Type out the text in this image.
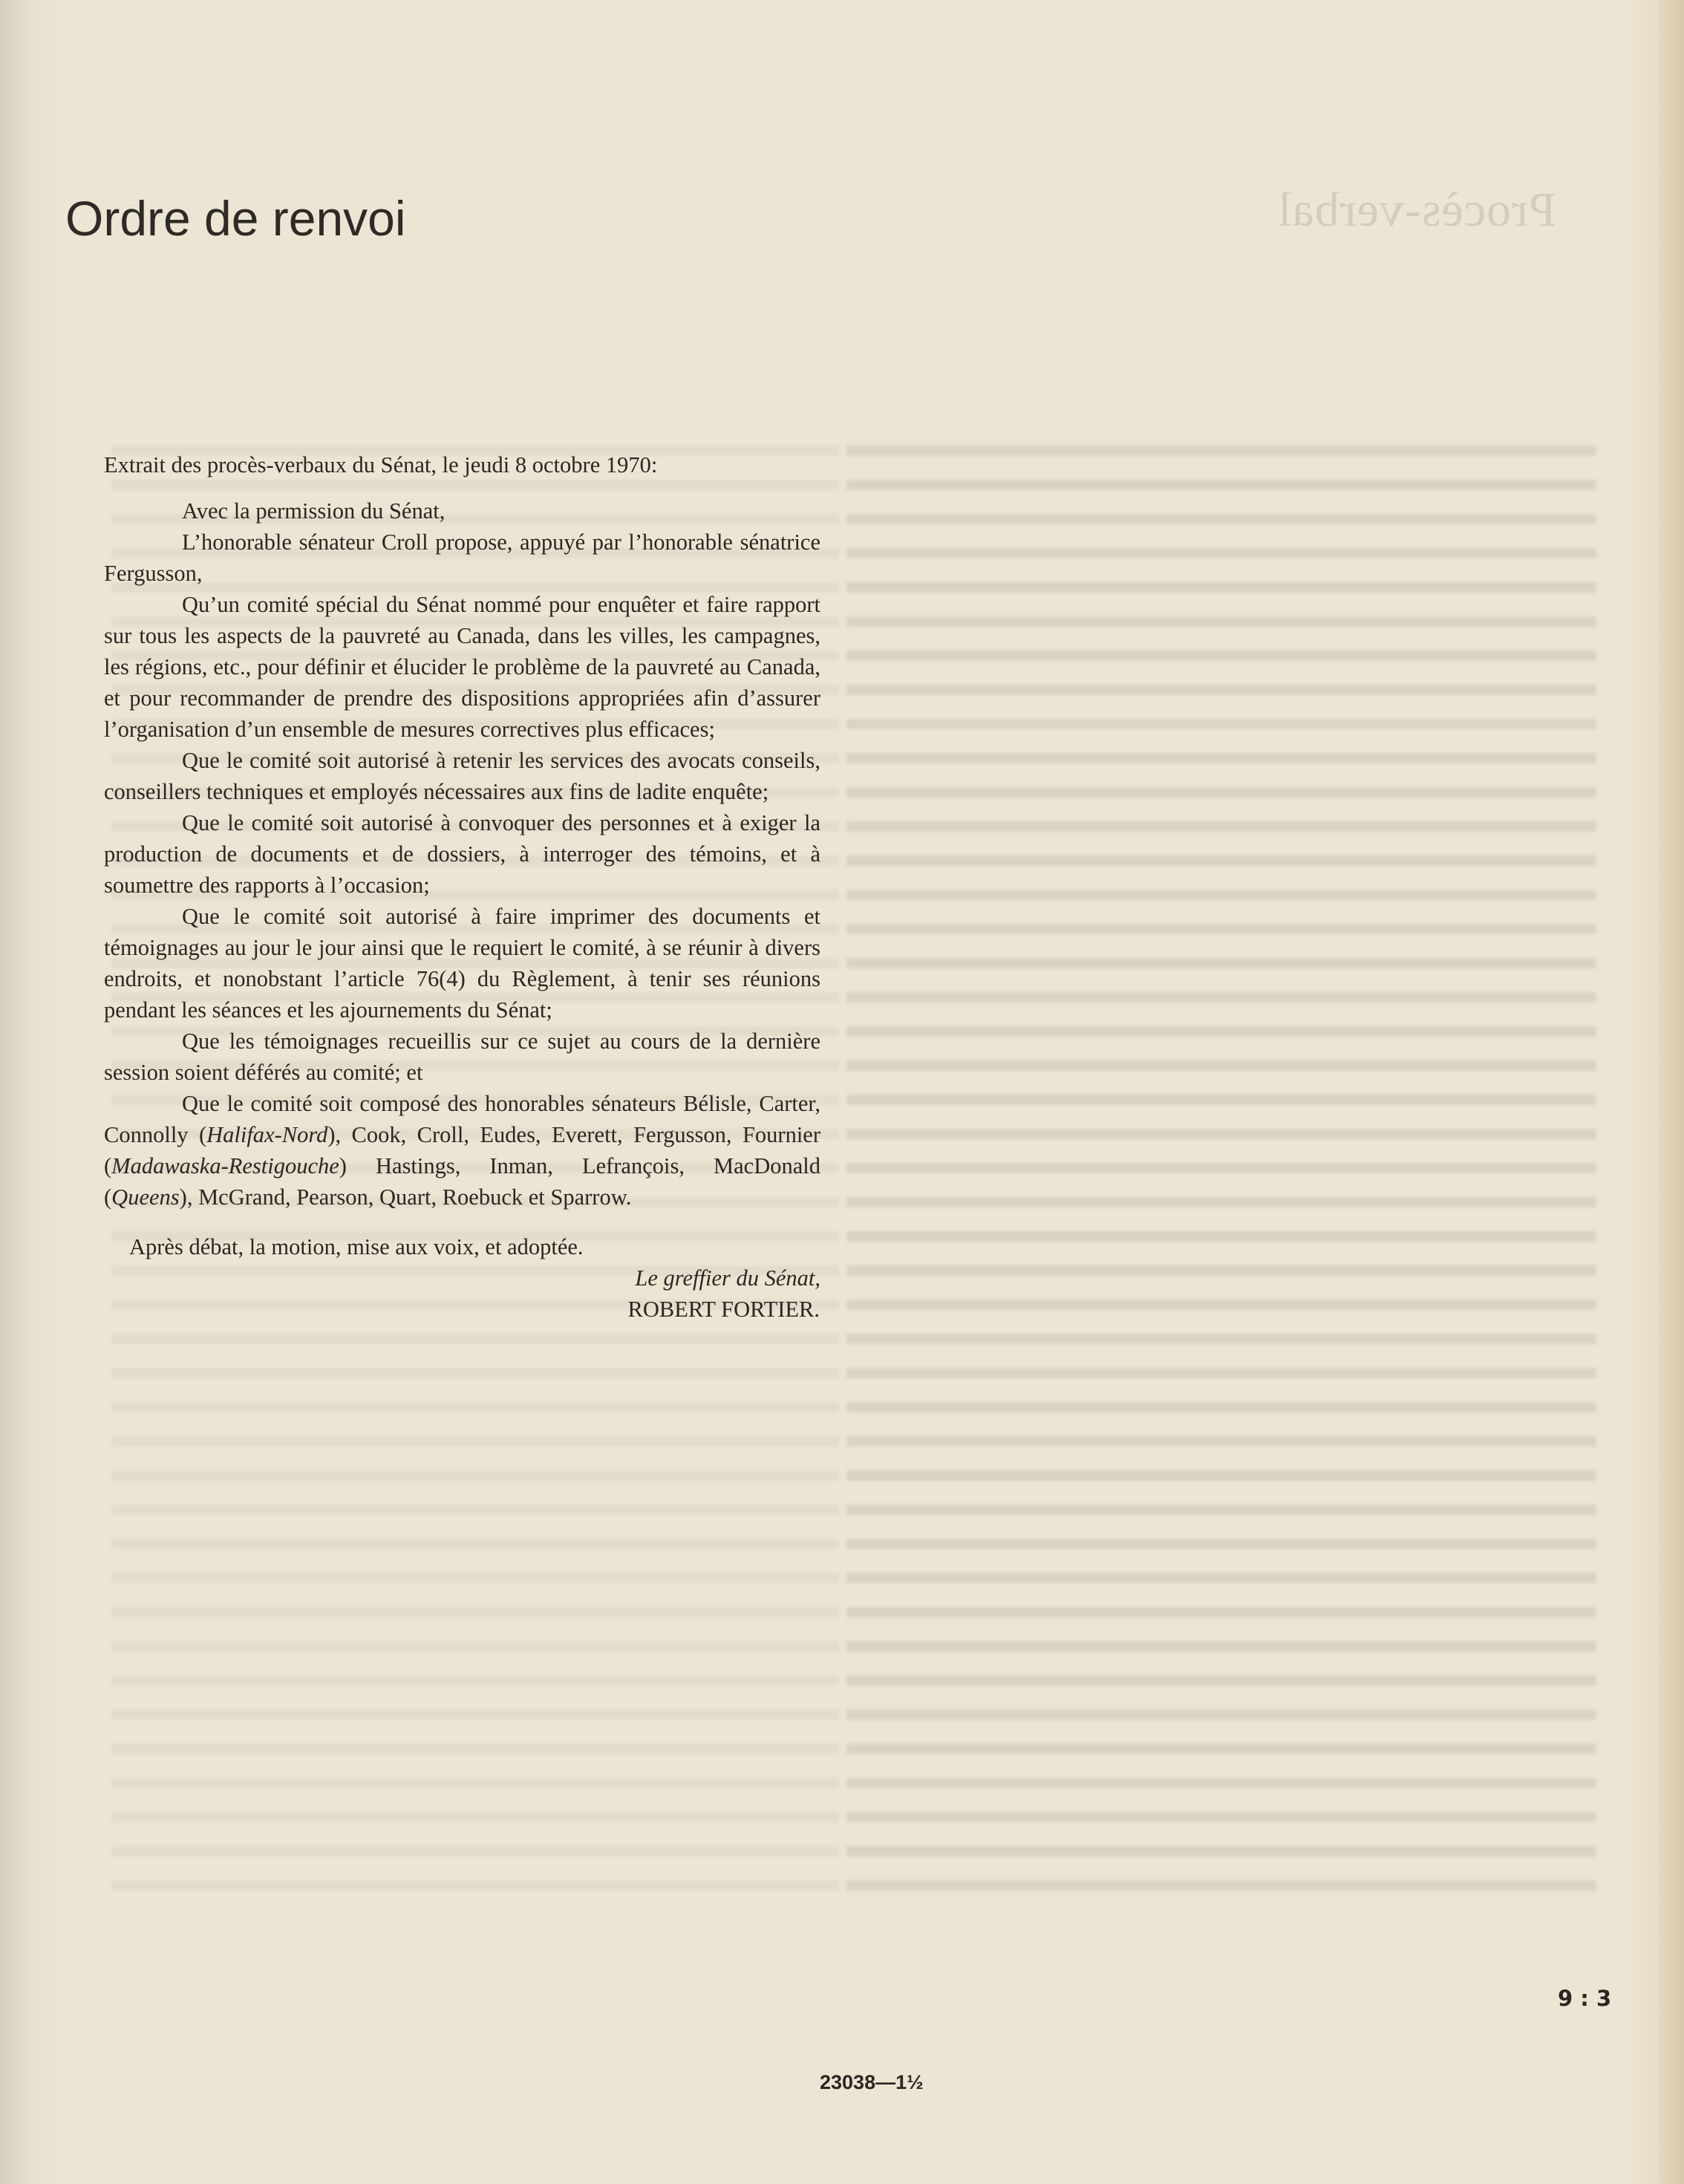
Procès-verbal
Ordre de renvoi

Extrait des procès-verbaux du Sénat, le jeudi 8 octobre 1970:

Avec la permission du Sénat,

L’honorable sénateur Croll propose, appuyé par l’honorable sénatrice Fergusson,

Qu’un comité spécial du Sénat nommé pour enquêter et faire rapport sur tous les aspects de la pauvreté au Canada, dans les villes, les campagnes, les régions, etc., pour définir et élucider le problème de la pauvreté au Canada, et pour recommander de prendre des dispositions appropriées afin d’assurer l’organisation d’un ensemble de mesures correctives plus efficaces;

Que le comité soit autorisé à retenir les services des avocats conseils, conseillers techniques et employés nécessaires aux fins de ladite enquête;

Que le comité soit autorisé à convoquer des personnes et à exiger la production de documents et de dossiers, à interroger des témoins, et à soumettre des rapports à l’occasion;

Que le comité soit autorisé à faire imprimer des documents et témoignages au jour le jour ainsi que le requiert le comité, à se réunir à divers endroits, et nonobstant l’article 76(4) du Règlement, à tenir ses réunions pendant les séances et les ajournements du Sénat;

Que les témoignages recueillis sur ce sujet au cours de la dernière session soient déférés au comité; et

Que le comité soit composé des honorables sénateurs Bélisle, Carter, Connolly (Halifax-Nord), Cook, Croll, Eudes, Everett, Fergusson, Fournier (Madawaska-Restigouche) Hastings, Inman, Lefrançois, MacDonald (Queens), McGrand, Pearson, Quart, Roebuck et Sparrow.

Après débat, la motion, mise aux voix, et adoptée.

Le greffier du Sénat,
ROBERT FORTIER.

9 : 3
23038—1½
